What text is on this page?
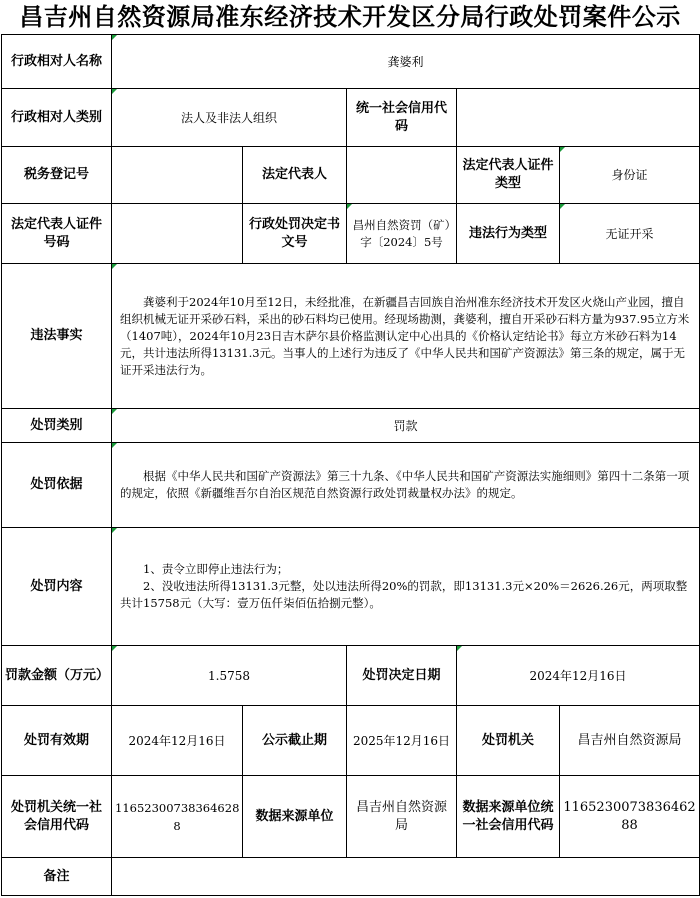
昌吉州自然资源局准东经济技术开发区分局行政处罚案件公示
行政相对人名称	龚婆利				
行政相对人类别	法人及非法人组织		统一社会信用代码		
税务登记号		法定代表人		法定代表人证件类型	身份证
法定代表人证件号码		行政处罚决定书文号	昌州自然资罚（矿）字〔2024〕5号	违法行为类型	无证开采
违法事实	龚婆利于2024年10月至12日，未经批准，在新疆昌吉回族自治州准东经济技术开发区火烧山产业园，擅自组织机械无证开采砂石料，采出的砂石料均已使用。经现场勘测，龚婆利，擅自开采砂石料方量为937.95立方米（1407吨），2024年10月23日吉木萨尔县价格监测认定中心出具的《价格认定结论书》每立方米砂石料为14元，共计违法所得13131.3元。当事人的上述行为违反了《中华人民共和国矿产资源法》第三条的规定，属于无证开采违法行为。				

处罚类别	罚款				
处罚依据	根据《中华人民共和国矿产资源法》第三十九条、《中华人民共和国矿产资源法实施细则》第四十二条第一项的规定，依照《新疆维吾尔自治区规范自然资源行政处罚裁量权办法》的规定。				

处罚内容	1、责令立即停止违法行为；

2、没收违法所得13131.3元整，处以违法所得20%的罚款，即13131.3元×20%＝2626.26元，两项取整共计15758元（大写：壹万伍仟柒佰伍拾捌元整）。				

罚款金额（万元）	1.5758		处罚决定日期	2024年12月16日	
处罚有效期	2024年12月16日	公示截止期	2025年12月16日	处罚机关	昌吉州自然资源局
处罚机关统一社会信用代码	11652300738364628​8	数据来源单位	昌吉州自然资源局	数据来源单位统一社会信用代码	11652300738364628​8
备注					
